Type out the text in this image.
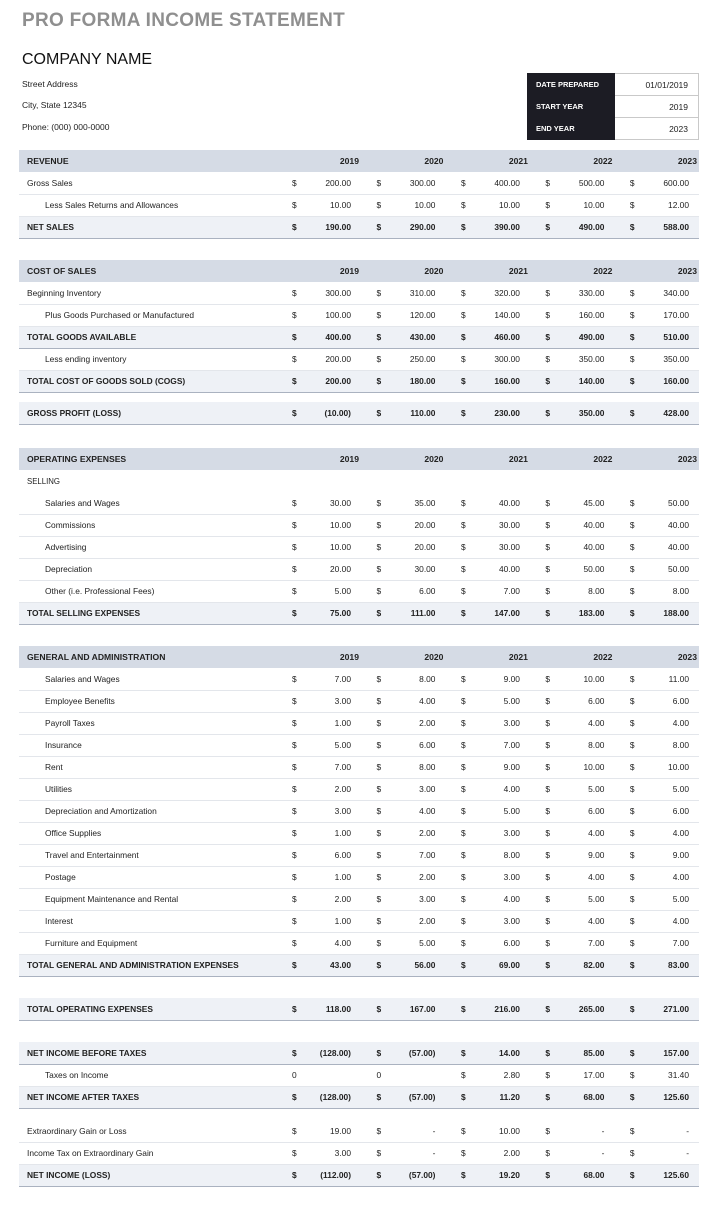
PRO FORMA INCOME STATEMENT
COMPANY NAME
Street Address
City, State 12345
Phone: (000) 000-0000
DATE PREPARED	01/01/2019
START YEAR	2019
END YEAR	2023
REVENUE	2019		2020		2021		2022		2023	
Gross Sales	$	200.00	$	300.00	$	400.00	$	500.00	$	600.00
Less Sales Returns and Allowances	$	10.00	$	10.00	$	10.00	$	10.00	$	12.00
NET SALES	$	190.00	$	290.00	$	390.00	$	490.00	$	588.00
COST OF SALES	2019		2020		2021		2022		2023	
Beginning Inventory	$	300.00	$	310.00	$	320.00	$	330.00	$	340.00
Plus Goods Purchased or Manufactured	$	100.00	$	120.00	$	140.00	$	160.00	$	170.00
TOTAL GOODS AVAILABLE	$	400.00	$	430.00	$	460.00	$	490.00	$	510.00
Less ending inventory	$	200.00	$	250.00	$	300.00	$	350.00	$	350.00
TOTAL COST OF GOODS SOLD (COGS)	$	200.00	$	180.00	$	160.00	$	140.00	$	160.00
GROSS PROFIT (LOSS)	$	(10.00)	$	110.00	$	230.00	$	350.00	$	428.00
OPERATING EXPENSES	2019		2020		2021		2022		2023	
SELLING										
Salaries and Wages	$	30.00	$	35.00	$	40.00	$	45.00	$	50.00
Commissions	$	10.00	$	20.00	$	30.00	$	40.00	$	40.00
Advertising	$	10.00	$	20.00	$	30.00	$	40.00	$	40.00
Depreciation	$	20.00	$	30.00	$	40.00	$	50.00	$	50.00
Other (i.e. Professional Fees)	$	5.00	$	6.00	$	7.00	$	8.00	$	8.00
TOTAL SELLING EXPENSES	$	75.00	$	111.00	$	147.00	$	183.00	$	188.00
GENERAL AND ADMINISTRATION	2019		2020		2021		2022		2023	
Salaries and Wages	$	7.00	$	8.00	$	9.00	$	10.00	$	11.00
Employee Benefits	$	3.00	$	4.00	$	5.00	$	6.00	$	6.00
Payroll Taxes	$	1.00	$	2.00	$	3.00	$	4.00	$	4.00
Insurance	$	5.00	$	6.00	$	7.00	$	8.00	$	8.00
Rent	$	7.00	$	8.00	$	9.00	$	10.00	$	10.00
Utilities	$	2.00	$	3.00	$	4.00	$	5.00	$	5.00
Depreciation and Amortization	$	3.00	$	4.00	$	5.00	$	6.00	$	6.00
Office Supplies	$	1.00	$	2.00	$	3.00	$	4.00	$	4.00
Travel and Entertainment	$	6.00	$	7.00	$	8.00	$	9.00	$	9.00
Postage	$	1.00	$	2.00	$	3.00	$	4.00	$	4.00
Equipment Maintenance and Rental	$	2.00	$	3.00	$	4.00	$	5.00	$	5.00
Interest	$	1.00	$	2.00	$	3.00	$	4.00	$	4.00
Furniture and Equipment	$	4.00	$	5.00	$	6.00	$	7.00	$	7.00
TOTAL GENERAL AND ADMINISTRATION EXPENSES	$	43.00	$	56.00	$	69.00	$	82.00	$	83.00
TOTAL OPERATING EXPENSES	$	118.00	$	167.00	$	216.00	$	265.00	$	271.00
NET INCOME BEFORE TAXES	$	(128.00)	$	(57.00)	$	14.00	$	85.00	$	157.00
Taxes on Income	0		0		$	2.80	$	17.00	$	31.40
NET INCOME AFTER TAXES	$	(128.00)	$	(57.00)	$	11.20	$	68.00	$	125.60
Extraordinary Gain or Loss	$	19.00	$	-	$	10.00	$	-	$	-
Income Tax on Extraordinary Gain	$	3.00	$	-	$	2.00	$	-	$	-
NET INCOME (LOSS)	$	(112.00)	$	(57.00)	$	19.20	$	68.00	$	125.60
